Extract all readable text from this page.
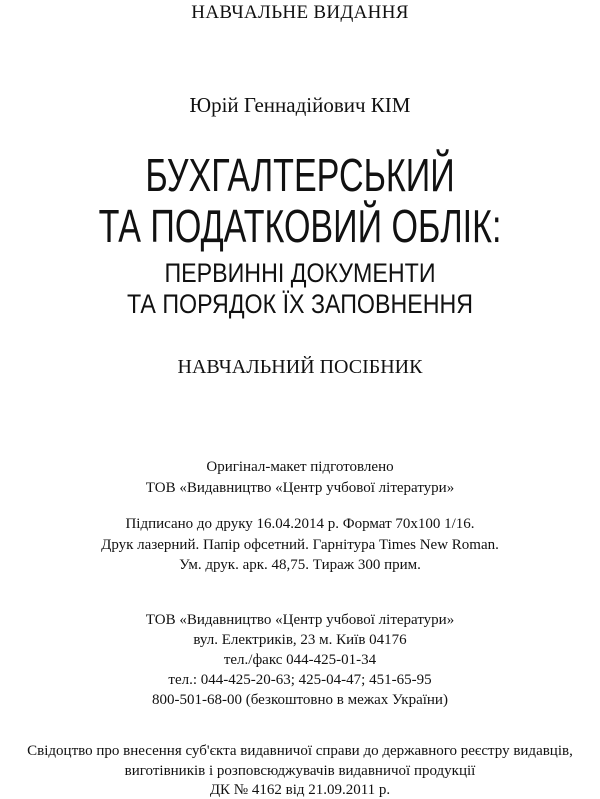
НАВЧАЛЬНЕ ВИДАННЯ
Юрій Геннадійович КІМ
БУХГАЛТЕРСЬКИЙ
ТА ПОДАТКОВИЙ ОБЛІК:
ПЕРВИННІ ДОКУМЕНТИ
ТА ПОРЯДОК ЇХ ЗАПОВНЕННЯ
НАВЧАЛЬНИЙ ПОСІБНИК
Оригінал-макет підготовлено
ТОВ «Видавництво «Центр учбової літератури»
Підписано до друку 16.04.2014 р. Формат 70х100 1/16.
Друк лазерний. Папір офсетний. Гарнітура Times New Roman.
Ум. друк. арк. 48,75. Тираж 300 прим.
ТОВ «Видавництво «Центр учбової літератури»
вул. Електриків, 23 м. Київ 04176
тел./факс 044-425-01-34
тел.: 044-425-20-63; 425-04-47; 451-65-95
800-501-68-00 (безкоштовно в межах України)
Свідоцтво про внесення суб'єкта видавничої справи до державного реєстру видавців,
виготівників і розповсюджувачів видавничої продукції
ДК № 4162 від 21.09.2011 р.
